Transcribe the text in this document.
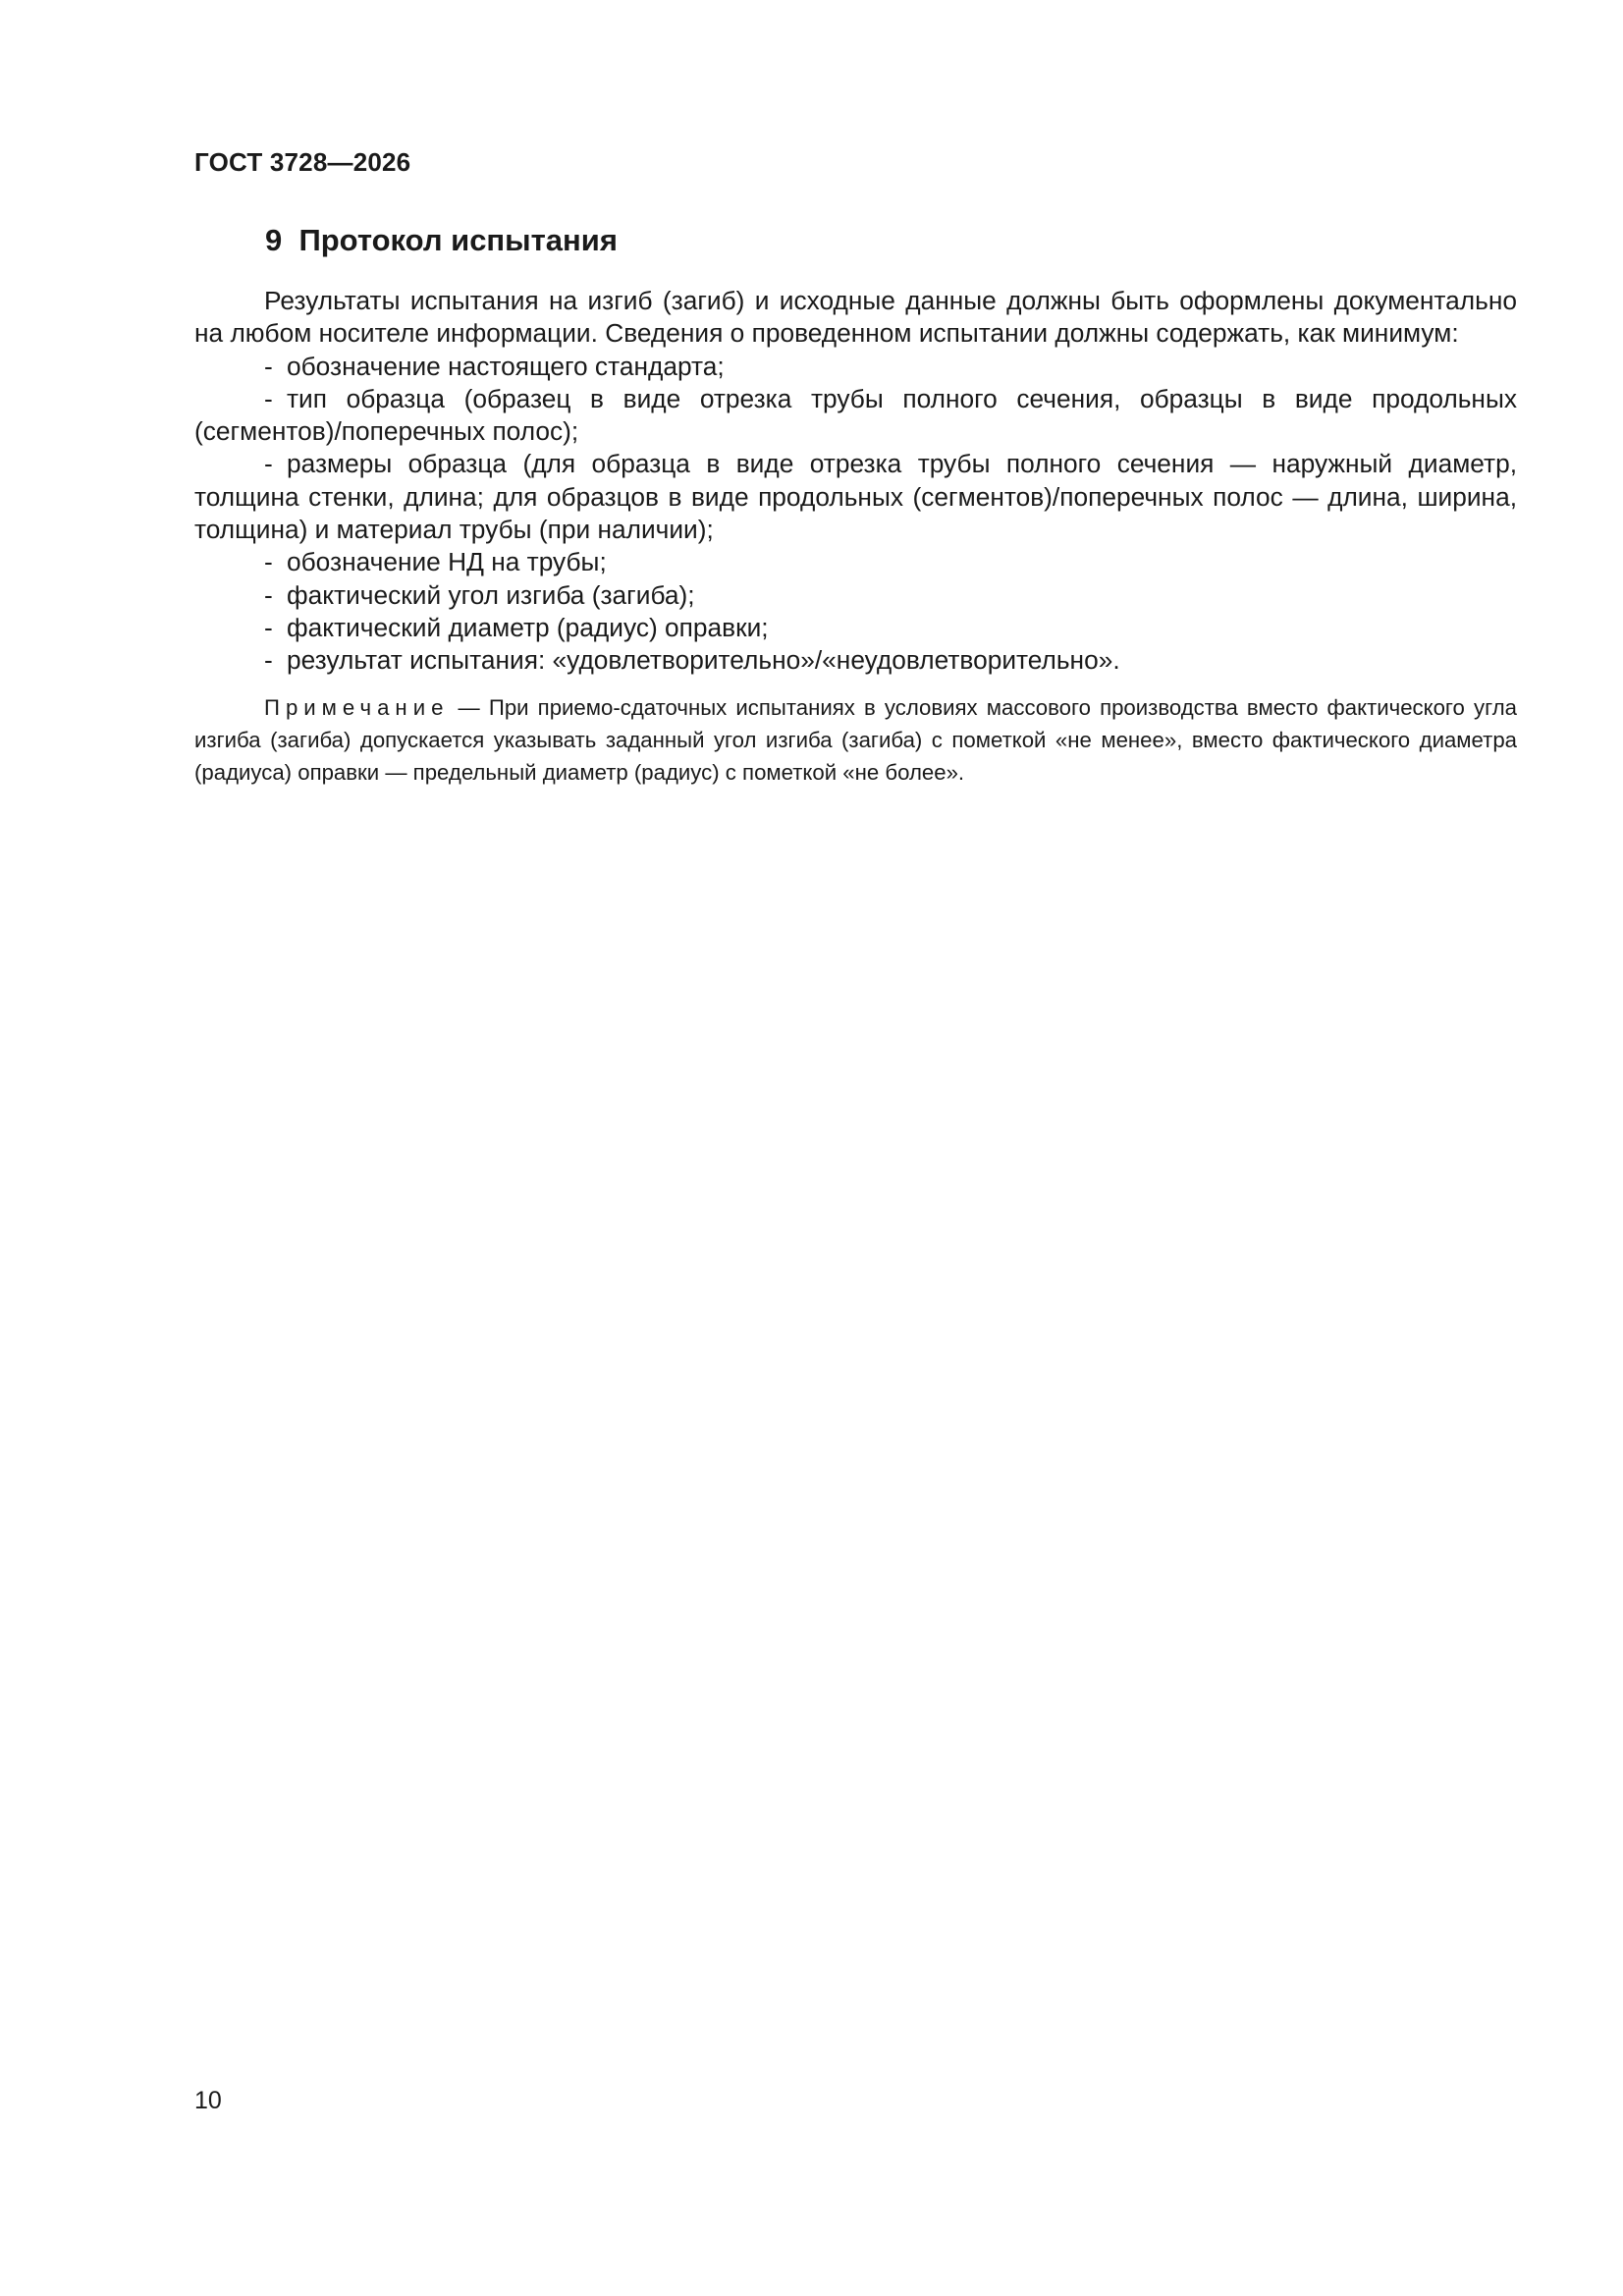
ГОСТ 3728—2026
9  Протокол испытания

Результаты испытания на изгиб (загиб) и исходные данные должны быть оформлены документально на любом носителе информации. Сведения о проведенном испытании должны содержать, как минимум:

- обозначение настоящего стандарта;
- тип образца (образец в виде отрезка трубы полного сечения, образцы в виде продольных (сегментов)/поперечных полос);
- размеры образца (для образца в виде отрезка трубы полного сечения — наружный диаметр, толщина стенки, длина; для образцов в виде продольных (сегментов)/поперечных полос — длина, ширина, толщина) и материал трубы (при наличии);
- обозначение НД на трубы;
- фактический угол изгиба (загиба);
- фактический диаметр (радиус) оправки;
- результат испытания: «удовлетворительно»/«неудовлетворительно».

Примечание — При приемо-сдаточных испытаниях в условиях массового производства вместо фактического угла изгиба (загиба) допускается указывать заданный угол изгиба (загиба) с пометкой «не менее», вместо фактического диаметра (радиуса) оправки — предельный диаметр (радиус) с пометкой «не более».

10
